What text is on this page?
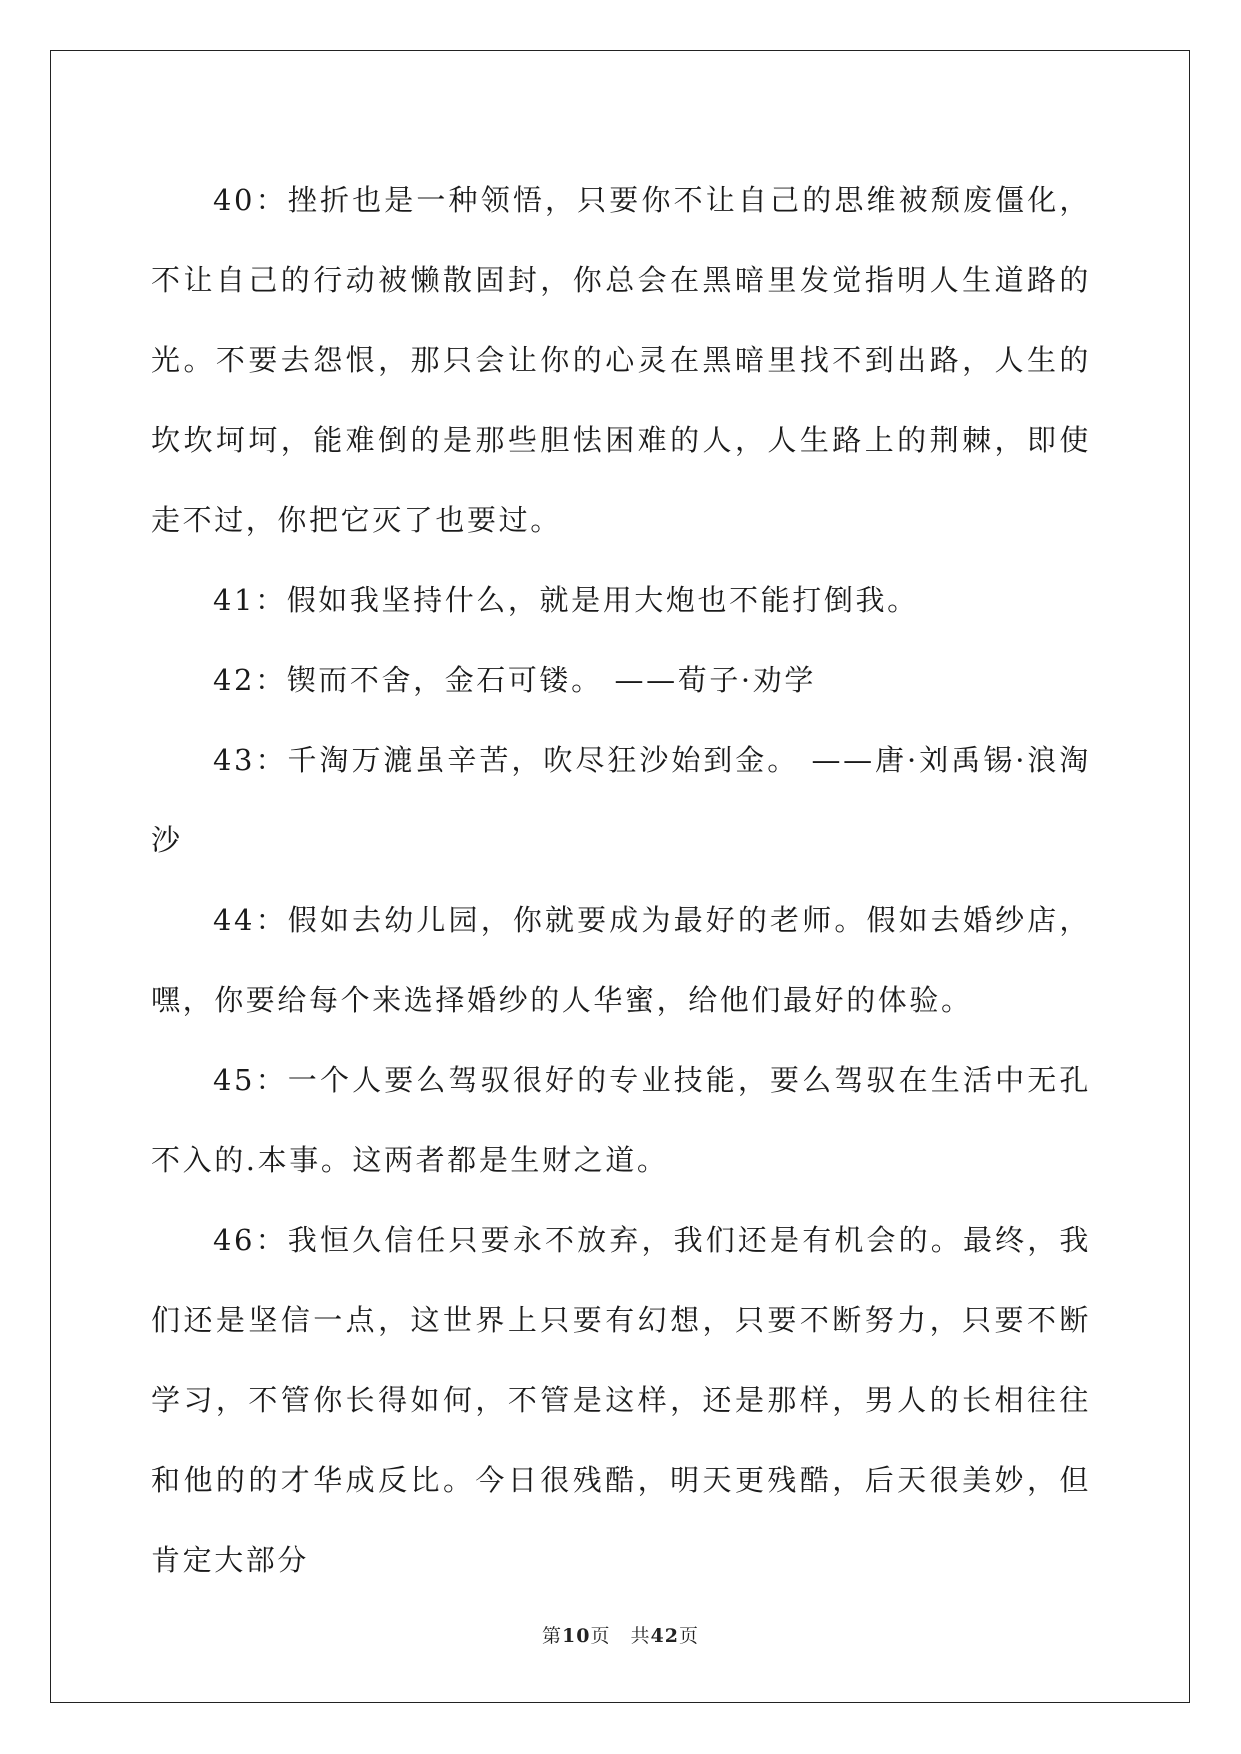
40：挫折也是一种领悟，只要你不让自己的思维被颓废僵化，不让自己的行动被懒散固封，你总会在黑暗里发觉指明人生道路的光。不要去怨恨，那只会让你的心灵在黑暗里找不到出路，人生的坎坎坷坷，能难倒的是那些胆怯困难的人，人生路上的荆棘，即使走不过，你把它灭了也要过。

41：假如我坚持什么，就是用大炮也不能打倒我。

42：锲而不舍，金石可镂。 ——荀子·劝学

43：千淘万漉虽辛苦，吹尽狂沙始到金。 ——唐·刘禹锡·浪淘沙

44：假如去幼儿园，你就要成为最好的老师。假如去婚纱店，嘿，你要给每个来选择婚纱的人华蜜，给他们最好的体验。

45：一个人要么驾驭很好的专业技能，要么驾驭在生活中无孔不入的.本事。这两者都是生财之道。

46：我恒久信任只要永不放弃，我们还是有机会的。最终，我们还是坚信一点，这世界上只要有幻想，只要不断努力，只要不断学习，不管你长得如何，不管是这样，还是那样，男人的长相往往和他的的才华成反比。今日很残酷，明天更残酷，后天很美妙，但肯定大部分

第10页　共42页
